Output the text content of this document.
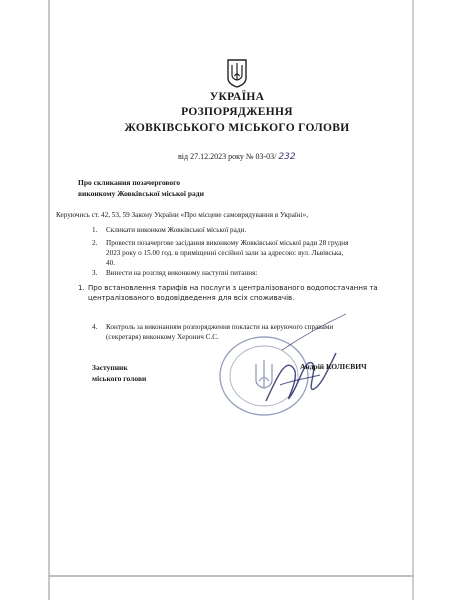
УКРАЇНА
РОЗПОРЯДЖЕННЯ
ЖОВКІВСЬКОГО МІСЬКОГО ГОЛОВИ
від 27.12.2023 року № 03-03/ 232
Про скликання позачергового
виконкому Жовківської міської ради
Керуючись ст. 42, 53, 59 Закону України «Про місцеве самоврядування в Україні»,
1. Скликати виконком Жовківської міської ради.
2. Провести позачергове засідання виконкому Жовківської міської ради 28 грудня
2023 року о 15.00 год. в приміщенні сесійної зали за адресою: вул. Львівська,
40.
3. Винести на розгляд виконкому наступні питання:
1. Про встановлення тарифів на послуги з централізованого водопостачання та
централізованого водовідведення для всіх споживачів.
4. Контроль за виконанням розпорядження покласти на керуючого справами
(секретаря) виконкому Херонич С.С.
Заступник
міського голови
Андрій КОЛІЄВИЧ
